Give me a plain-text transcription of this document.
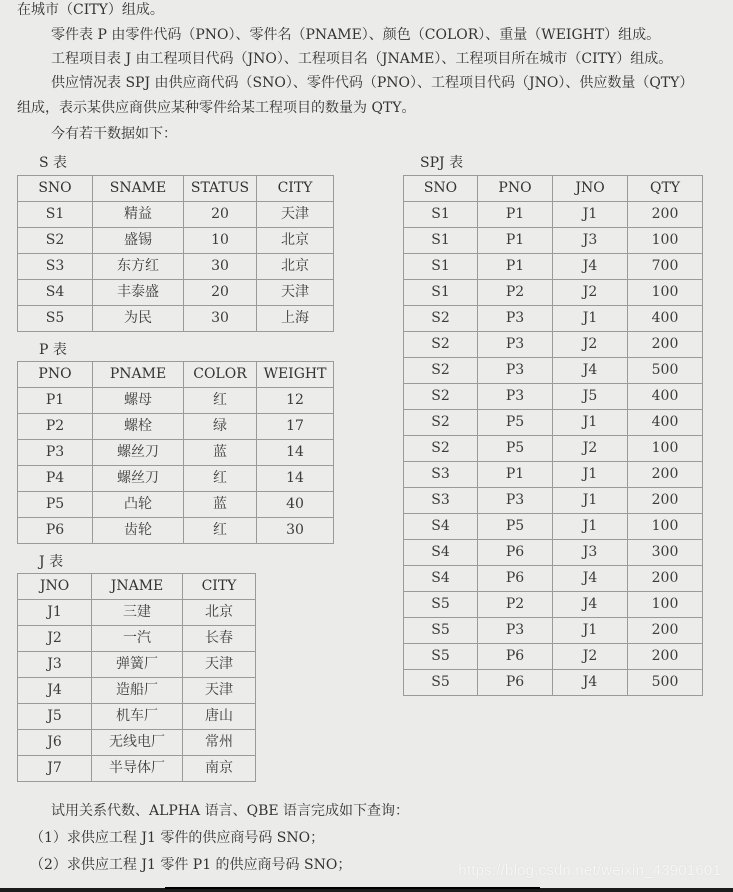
在城市（CITY）组成。
零件表 P 由零件代码（PNO）、零件名（PNAME）、颜色（COLOR）、重量（WEIGHT）组成。
工程项目表 J 由工程项目代码（JNO）、工程项目名（JNAME）、工程项目所在城市（CITY）组成。
供应情况表 SPJ 由供应商代码（SNO）、零件代码（PNO）、工程项目代码（JNO）、供应数量（QTY）
组成，表示某供应商供应某种零件给某工程项目的数量为 QTY。
今有若干数据如下：
S 表
SNO	SNAME	STATUS	CITY
S1	精益	20	天津
S2	盛锡	10	北京
S3	东方红	30	北京
S4	丰泰盛	20	天津
S5	为民	30	上海
P 表
PNO	PNAME	COLOR	WEIGHT
P1	螺母	红	12
P2	螺栓	绿	17
P3	螺丝刀	蓝	14
P4	螺丝刀	红	14
P5	凸轮	蓝	40
P6	齿轮	红	30
J 表
JNO	JNAME	CITY
J1	三建	北京
J2	一汽	长春
J3	弹簧厂	天津
J4	造船厂	天津
J5	机车厂	唐山
J6	无线电厂	常州
J7	半导体厂	南京
SPJ 表
SNO	PNO	JNO	QTY
S1	P1	J1	200
S1	P1	J3	100
S1	P1	J4	700
S1	P2	J2	100
S2	P3	J1	400
S2	P3	J2	200
S2	P3	J4	500
S2	P3	J5	400
S2	P5	J1	400
S2	P5	J2	100
S3	P1	J1	200
S3	P3	J1	200
S4	P5	J1	100
S4	P6	J3	300
S4	P6	J4	200
S5	P2	J4	100
S5	P3	J1	200
S5	P6	J2	200
S5	P6	J4	500
试用关系代数、ALPHA 语言、QBE 语言完成如下查询：
（1）求供应工程 J1 零件的供应商号码 SNO；
（2）求供应工程 J1 零件 P1 的供应商号码 SNO；	https://blog.csdn.net/weixin_43901601
